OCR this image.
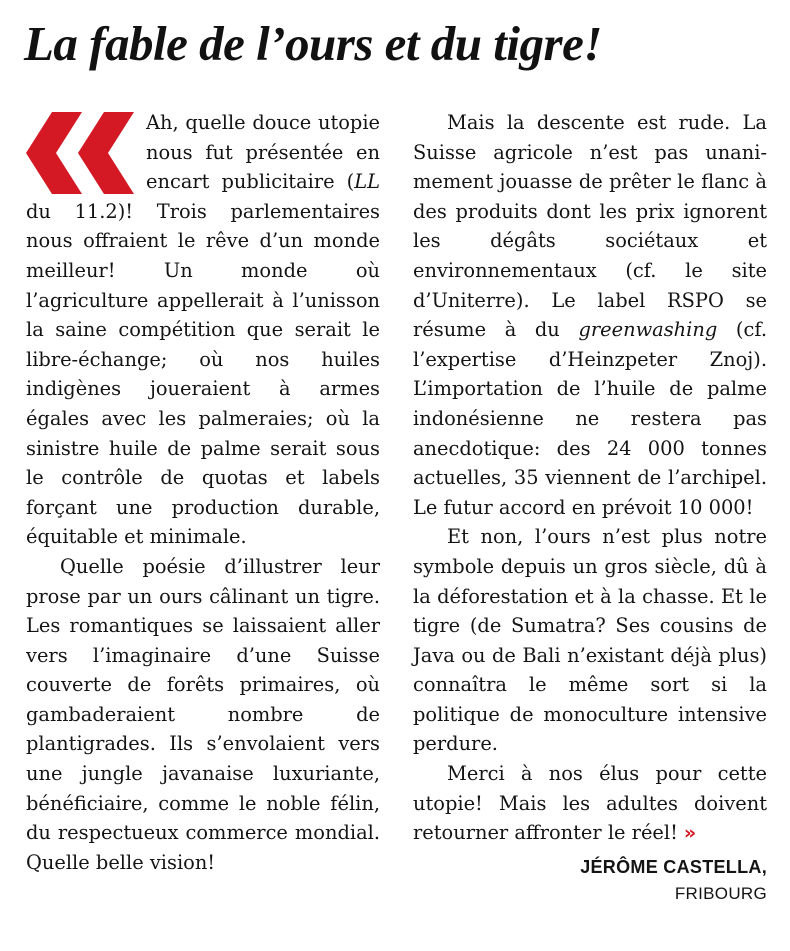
La fable de l’ours et du tigre!

Ah, quelle douce utopie nous fut présentée en encart publicitaire (LL du 11.2)! Trois parlementaires nous offraient le rêve d’un monde meilleur! Un monde où l’agriculture appellerait à l’unisson la saine compétition que serait le libre-échange; où nos huiles indigènes joueraient à armes égales avec les palmeraies; où la sinistre huile de palme serait sous le contrôle de quotas et labels forçant une production durable, équitable et minimale.

Quelle poésie d’illustrer leur prose par un ours câlinant un tigre. Les romantiques se laissaient aller vers l’imaginaire d’une Suisse couverte de forêts primaires, où gambaderaient nombre de plantigrades. Ils s’envolaient vers une jungle javanaise luxuriante, bénéficiaire, comme le noble félin, du respectueux commerce mondial. Quelle belle vision!

Mais la descente est rude. La Suisse agricole n’est pas unanimement jouasse de prêter le flanc à des produits dont les prix ignorent les dégâts sociétaux et environnementaux (cf. le site d’Uniterre). Le label RSPO se résume à du greenwashing (cf. l’expertise d’Heinzpeter Znoj). L’importation de l’huile de palme indonésienne ne restera pas anecdotique: des 24 000 tonnes actuelles, 35 viennent de l’archipel. Le futur accord en prévoit 10 000!

Et non, l’ours n’est plus notre symbole depuis un gros siècle, dû à la déforestation et à la chasse. Et le tigre (de Sumatra? Ses cousins de Java ou de Bali n’existant déjà plus) connaîtra le même sort si la politique de monoculture intensive perdure.

Merci à nos élus pour cette utopie! Mais les adultes doivent retourner affronter le réel! »

JÉRÔME CASTELLA,
FRIBOURG
